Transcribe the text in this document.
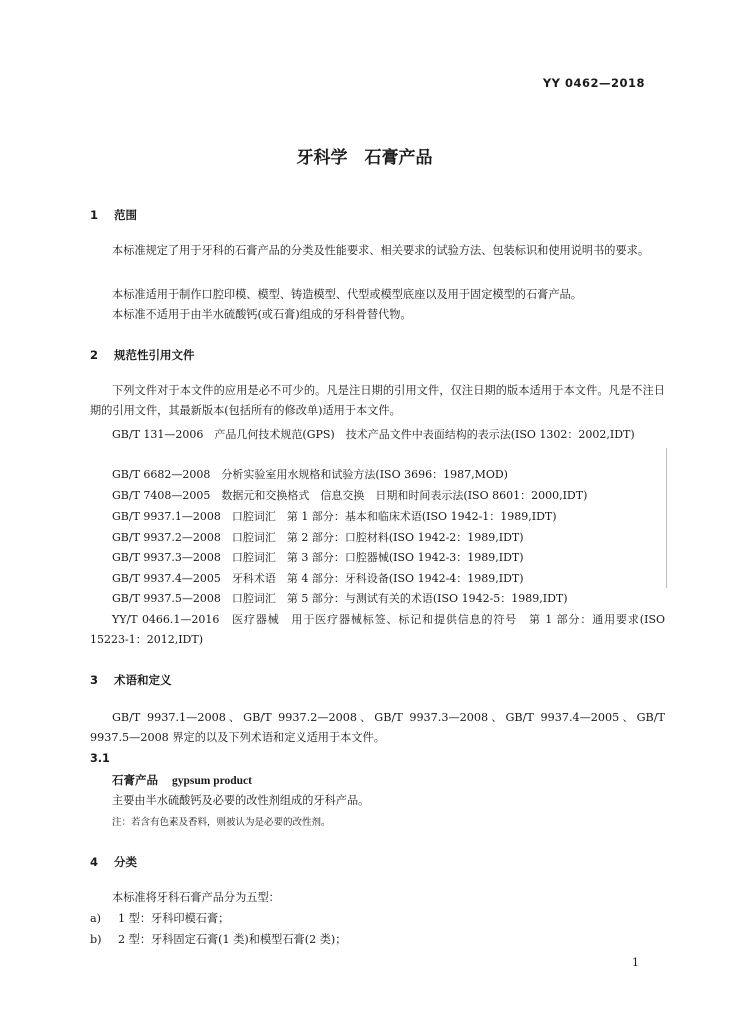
YY 0462—2018
牙科学　石膏产品
1 范围
本标准规定了用于牙科的石膏产品的分类及性能要求、相关要求的试验方法、包装标识和使用说明书的要求。
本标准适用于制作口腔印模、模型、铸造模型、代型或模型底座以及用于固定模型的石膏产品。
本标准不适用于由半水硫酸钙(或石膏)组成的牙科骨替代物。
2 规范性引用文件
下列文件对于本文件的应用是必不可少的。凡是注日期的引用文件，仅注日期的版本适用于本文件。凡是不注日期的引用文件，其最新版本(包括所有的修改单)适用于本文件。
GB/T 131—2006　产品几何技术规范(GPS)　技术产品文件中表面结构的表示法(ISO 1302：2002,IDT)
GB/T 6682—2008　分析实验室用水规格和试验方法(ISO 3696：1987,MOD)
GB/T 7408—2005　数据元和交换格式　信息交换　日期和时间表示法(ISO 8601：2000,IDT)
GB/T 9937.1—2008　口腔词汇　第 1 部分：基本和临床术语(ISO 1942-1：1989,IDT)
GB/T 9937.2—2008　口腔词汇　第 2 部分：口腔材料(ISO 1942-2：1989,IDT)
GB/T 9937.3—2008　口腔词汇　第 3 部分：口腔器械(ISO 1942-3：1989,IDT)
GB/T 9937.4—2005　牙科术语　第 4 部分：牙科设备(ISO 1942-4：1989,IDT)
GB/T 9937.5—2008　口腔词汇　第 5 部分：与测试有关的术语(ISO 1942-5：1989,IDT)
YY/T 0466.1—2016　医疗器械　用于医疗器械标签、标记和提供信息的符号　第 1 部分：通用要求(ISO 15223-1：2012,IDT)
3 术语和定义
GB/T 9937.1—2008、GB/T 9937.2—2008、GB/T 9937.3—2008、GB/T 9937.4—2005、GB/T 9937.5—2008 界定的以及下列术语和定义适用于本文件。
3.1
石膏产品 gypsum product
主要由半水硫酸钙及必要的改性剂组成的牙科产品。
注：若含有色素及香料，则被认为是必要的改性剂。
4 分类
本标准将牙科石膏产品分为五型：
a) 1 型：牙科印模石膏；
b) 2 型：牙科固定石膏(1 类)和模型石膏(2 类)；
1
